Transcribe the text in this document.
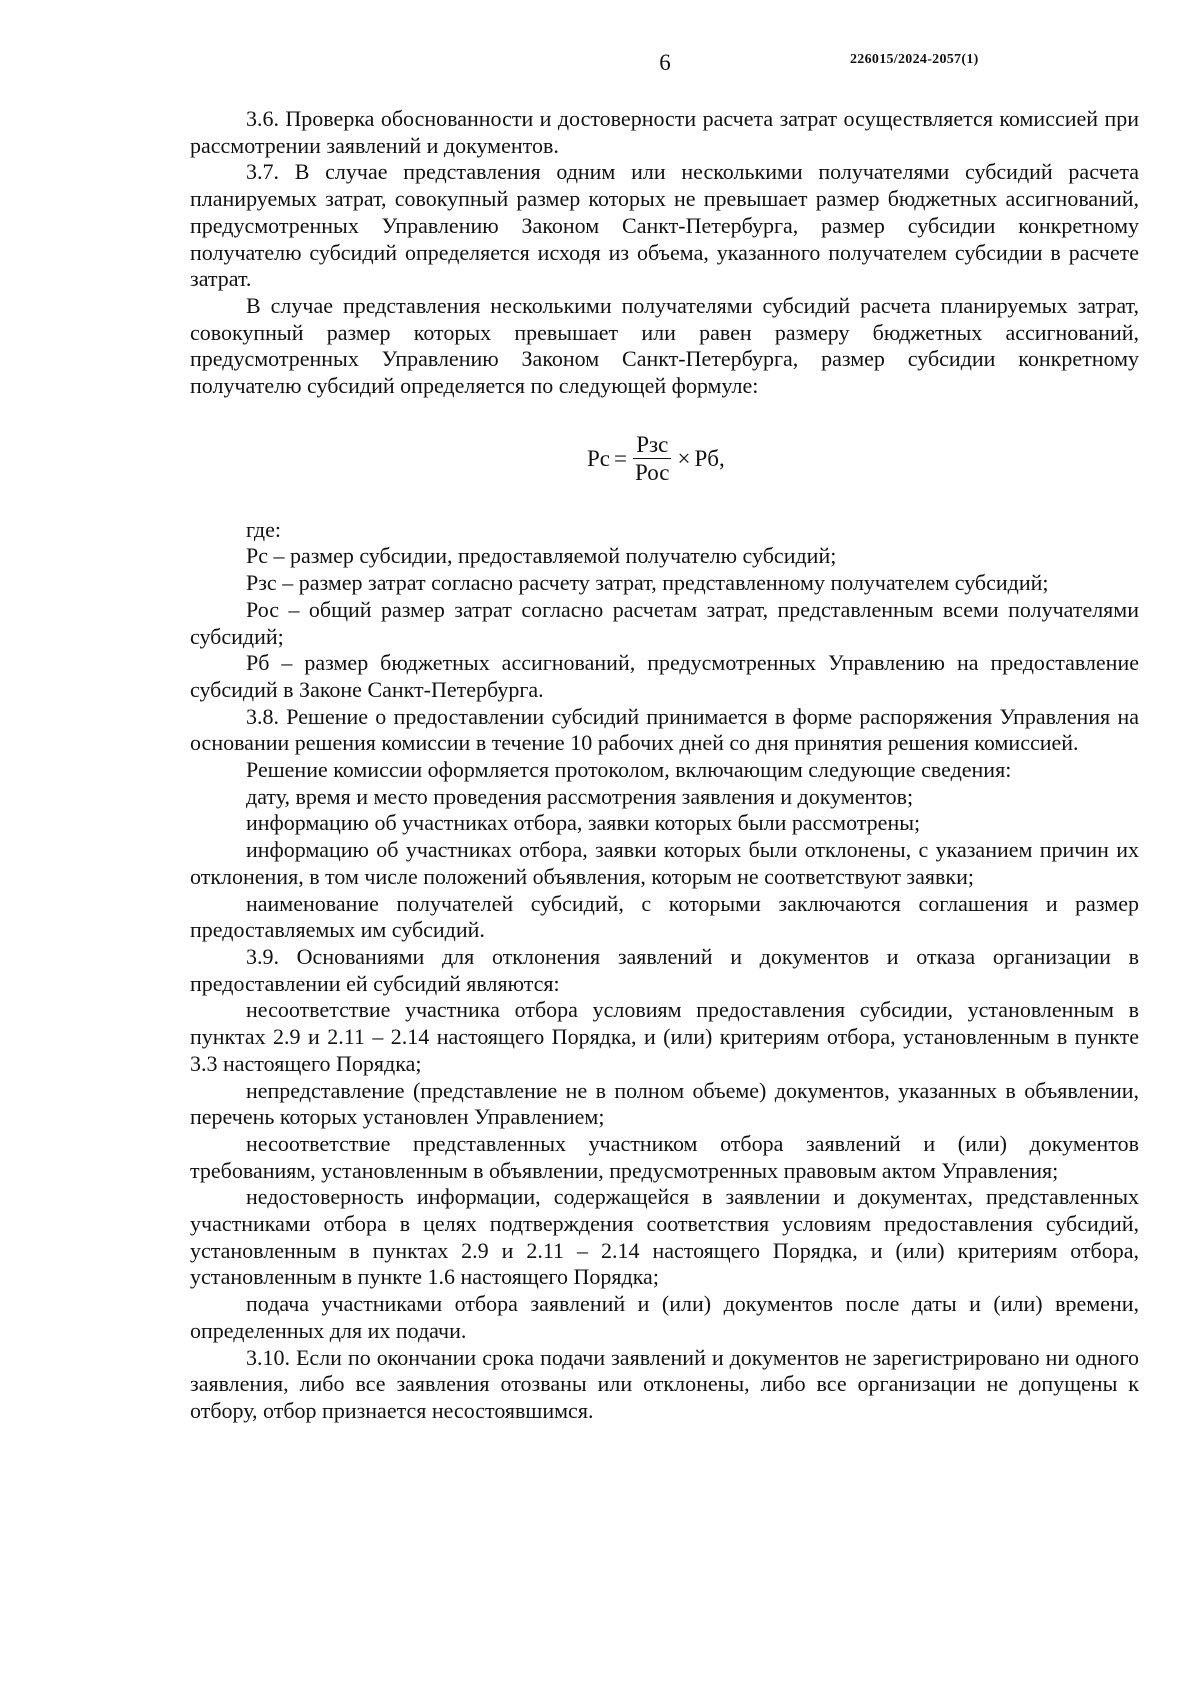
6	226015/2024-2057(1)

3.6. Проверка обоснованности и достоверности расчета затрат осуществляется комиссией при рассмотрении заявлений и документов.

3.7. В случае представления одним или несколькими получателями субсидий расчета планируемых затрат, совокупный размер которых не превышает размер бюджетных ассигнований, предусмотренных Управлению Законом Санкт-Петербурга, размер субсидии конкретному получателю субсидий определяется исходя из объема, указанного получателем субсидии в расчете затрат.

В случае представления несколькими получателями субсидий расчета планируемых затрат, совокупный размер которых превышает или равен размеру бюджетных ассигнований, предусмотренных Управлению Законом Санкт-Петербурга, размер субсидии конкретному получателю субсидий определяется по следующей формуле:

Рс = $\frac{\text{Рзс}}{\text{Рос}}$ × Рб,

где:

Рс – размер субсидии, предоставляемой получателю субсидий;

Рзс – размер затрат согласно расчету затрат, представленному получателем субсидий;

Рос – общий размер затрат согласно расчетам затрат, представленным всеми получателями субсидий;

Рб – размер бюджетных ассигнований, предусмотренных Управлению на предоставление субсидий в Законе Санкт-Петербурга.

3.8. Решение о предоставлении субсидий принимается в форме распоряжения Управления на основании решения комиссии в течение 10 рабочих дней со дня принятия решения комиссией.

Решение комиссии оформляется протоколом, включающим следующие сведения:

дату, время и место проведения рассмотрения заявления и документов;

информацию об участниках отбора, заявки которых были рассмотрены;

информацию об участниках отбора, заявки которых были отклонены, с указанием причин их отклонения, в том числе положений объявления, которым не соответствуют заявки;

наименование получателей субсидий, с которыми заключаются соглашения и размер предоставляемых им субсидий.

3.9. Основаниями для отклонения заявлений и документов и отказа организации в предоставлении ей субсидий являются:

несоответствие участника отбора условиям предоставления субсидии, установленным в пунктах 2.9 и 2.11 – 2.14 настоящего Порядка, и (или) критериям отбора, установленным в пункте 3.3 настоящего Порядка;

непредставление (представление не в полном объеме) документов, указанных в объявлении, перечень которых установлен Управлением;

несоответствие представленных участником отбора заявлений и (или) документов требованиям, установленным в объявлении, предусмотренных правовым актом Управления;

недостоверность информации, содержащейся в заявлении и документах, представленных участниками отбора в целях подтверждения соответствия условиям предоставления субсидий, установленным в пунктах 2.9 и 2.11 – 2.14 настоящего Порядка, и (или) критериям отбора, установленным в пункте 1.6 настоящего Порядка;

подача участниками отбора заявлений и (или) документов после даты и (или) времени, определенных для их подачи.

3.10. Если по окончании срока подачи заявлений и документов не зарегистрировано ни одного заявления, либо все заявления отозваны или отклонены, либо все организации не допущены к отбору, отбор признается несостоявшимся.
